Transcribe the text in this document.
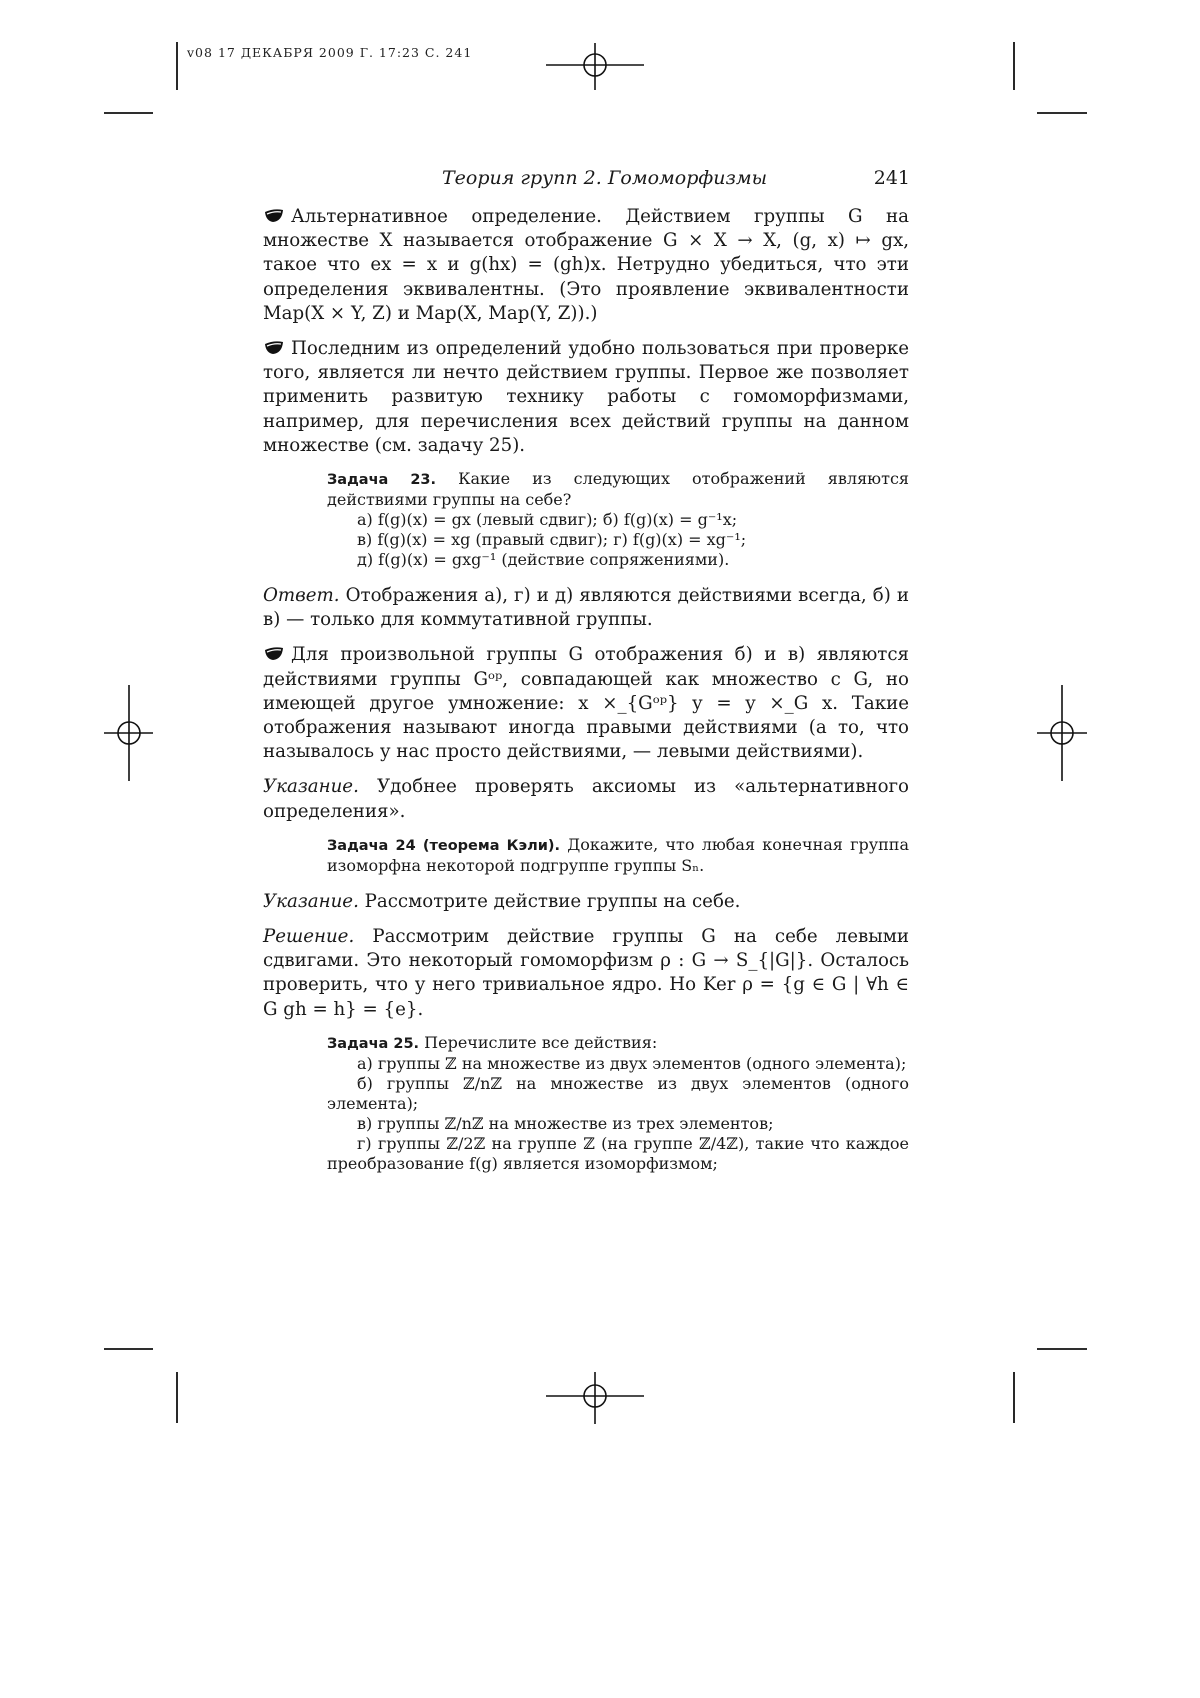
v08 17 ДЕКАБРЯ 2009 Г. 17:23 С. 241
Теория групп 2. Гомоморфизмы	241

Альтернативное определение. Действием группы G на множестве X называется отображение G × X → X, (g, x) ↦ gx, такое что ex = x и g(hx) = (gh)x. Нетрудно убедиться, что эти определения эквивалентны. (Это проявление эквивалентности Map(X × Y, Z) и Map(X, Map(Y, Z)).)

Последним из определений удобно пользоваться при проверке того, является ли нечто действием группы. Первое же позволяет применить развитую технику работы с гомоморфизмами, например, для перечисления всех действий группы на данном множестве (см. задачу 25).

Задача 23. Какие из следующих отображений являются действиями группы на себе?
а) f(g)(x) = gx (левый сдвиг); б) f(g)(x) = g⁻¹x;
в) f(g)(x) = xg (правый сдвиг); г) f(g)(x) = xg⁻¹;
д) f(g)(x) = gxg⁻¹ (действие сопряжениями).

Ответ. Отображения а), г) и д) являются действиями всегда, б) и в) — только для коммутативной группы.

Для произвольной группы G отображения б) и в) являются действиями группы Gᵒᵖ, совпадающей как множество с G, но имеющей другое умножение: x ×_{Gᵒᵖ} y = y ×_G x. Такие отображения называют иногда правыми действиями (а то, что называлось у нас просто действиями, — левыми действиями).

Указание. Удобнее проверять аксиомы из «альтернативного определения».

Задача 24 (теорема Кэли). Докажите, что любая конечная группа изоморфна некоторой подгруппе группы Sₙ.

Указание. Рассмотрите действие группы на себе.

Решение. Рассмотрим действие группы G на себе левыми сдвигами. Это некоторый гомоморфизм ρ : G → S_{|G|}. Осталось проверить, что у него тривиальное ядро. Но Ker ρ = {g ∈ G | ∀h ∈ G gh = h} = {e}.

Задача 25. Перечислите все действия:
а) группы ℤ на множестве из двух элементов (одного элемента);
б) группы ℤ/nℤ на множестве из двух элементов (одного элемента);
в) группы ℤ/nℤ на множестве из трех элементов;
г) группы ℤ/2ℤ на группе ℤ (на группе ℤ/4ℤ), такие что каждое преобразование f(g) является изоморфизмом;
